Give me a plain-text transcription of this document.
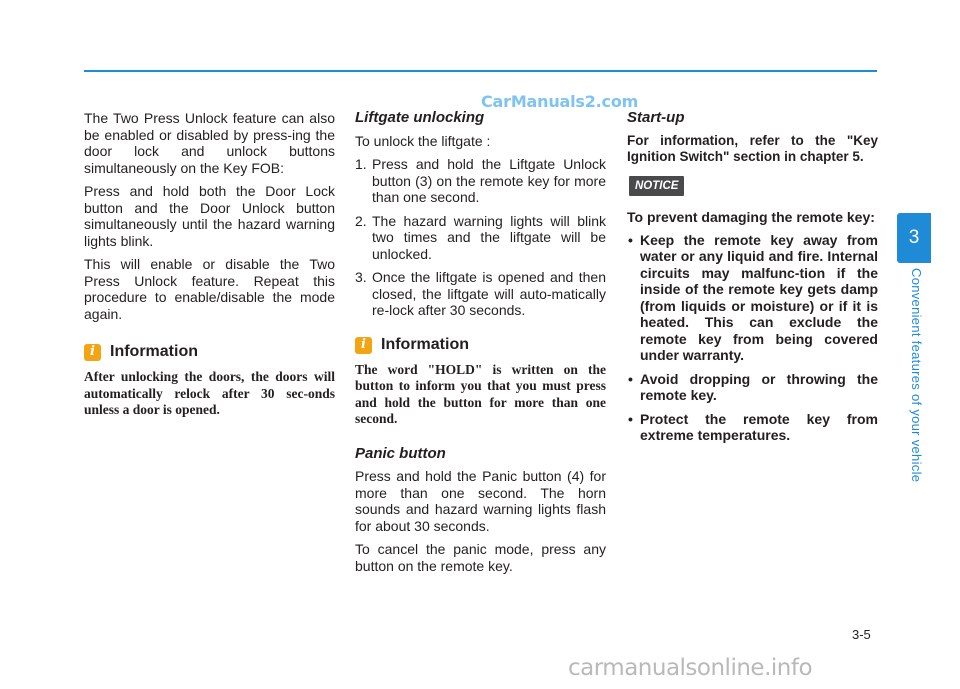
CarManuals2.com

The Two Press Unlock feature can also be enabled or disabled by press-ing the door lock and unlock buttons simultaneously on the Key FOB:

Press and hold both the Door Lock button and the Door Unlock button simultaneously until the hazard warning lights blink.

This will enable or disable the Two Press Unlock feature. Repeat this procedure to enable/disable the mode again.

i Information

After unlocking the doors, the doors will automatically relock after 30 sec-onds unless a door is opened.

Liftgate unlocking

To unlock the liftgate :

1. Press and hold the Liftgate Unlock button (3) on the remote key for more than one second.
2. The hazard warning lights will blink two times and the liftgate will be unlocked.
3. Once the liftgate is opened and then closed, the liftgate will auto-matically re-lock after 30 seconds.
i Information

The word "HOLD" is written on the button to inform you that you must press and hold the button for more than one second.

Panic button

Press and hold the Panic button (4) for more than one second. The horn sounds and hazard warning lights flash for about 30 seconds.

To cancel the panic mode, press any button on the remote key.

Start-up

For information, refer to the "Key Ignition Switch" section in chapter 5.

NOTICE

To prevent damaging the remote key:

• Keep the remote key away from water or any liquid and fire. Internal circuits may malfunc-tion if the inside of the remote key gets damp (from liquids or moisture) or if it is heated. This can exclude the remote key from being covered under warranty.
• Avoid dropping or throwing the remote key.
• Protect the remote key from extreme temperatures.
3
Convenient features of your vehicle
3-5
carmanualsonline.info
